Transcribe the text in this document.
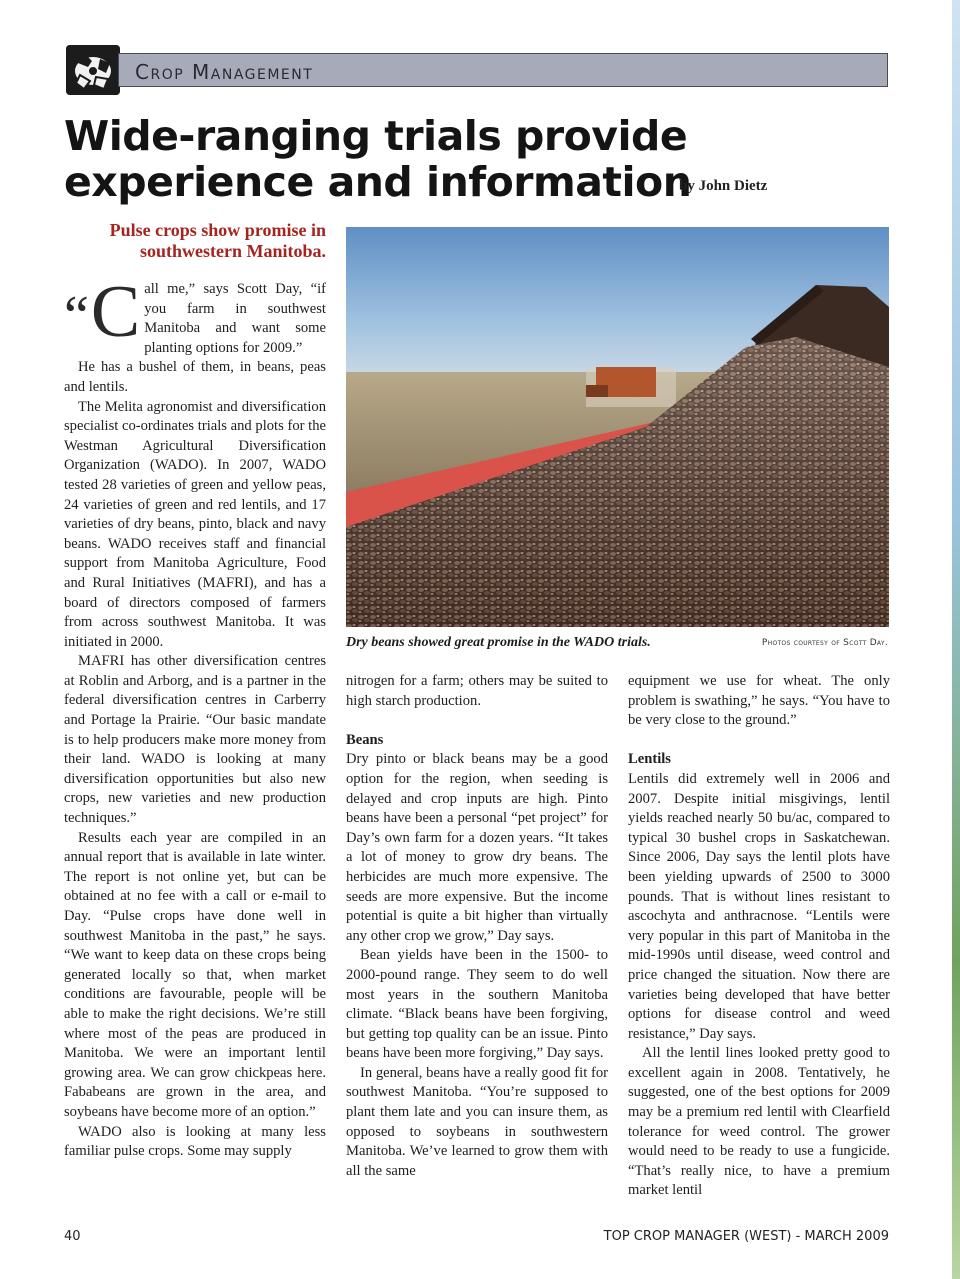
Crop Management
Wide-ranging trials provide
experience and information
by John Dietz
Pulse crops show promise in southwestern Manitoba.
Dry beans showed great promise in the WADO trials.	Photos courtesy of Scott Day.
“C all me,” says Scott Day, “if you farm in southwest Manitoba and want some planting options for 2009.”

He has a bushel of them, in beans, peas and lentils.

The Melita agronomist and diversification specialist co-ordinates trials and plots for the Westman Agricultural Diversification Organization (WADO). In 2007, WADO tested 28 varieties of green and yellow peas, 24 varieties of green and red lentils, and 17 varieties of dry beans, pinto, black and navy beans. WADO receives staff and financial support from Manitoba Agriculture, Food and Rural Initiatives (MAFRI), and has a board of directors composed of farmers from across southwest Manitoba. It was initiated in 2000.

MAFRI has other diversification centres at Roblin and Arborg, and is a partner in the federal diversification centres in Carberry and Portage la Prairie. “Our basic mandate is to help producers make more money from their land. WADO is looking at many diversification opportunities but also new crops, new varieties and new production techniques.”

Results each year are compiled in an annual report that is available in late winter. The report is not online yet, but can be obtained at no fee with a call or e-mail to Day. “Pulse crops have done well in southwest Manitoba in the past,” he says. “We want to keep data on these crops being generated locally so that, when market conditions are favourable, people will be able to make the right decisions. We’re still where most of the peas are produced in Manitoba. We were an important lentil growing area. We can grow chickpeas here. Fababeans are grown in the area, and soybeans have become more of an option.”

WADO also is looking at many less familiar pulse crops. Some may supply

nitrogen for a farm; others may be suited to high starch production.

Beans

Dry pinto or black beans may be a good option for the region, when seeding is delayed and crop inputs are high. Pinto beans have been a personal “pet project” for Day’s own farm for a dozen years. “It takes a lot of money to grow dry beans. The herbicides are much more expensive. The seeds are more expensive. But the income potential is quite a bit higher than virtually any other crop we grow,” Day says.

Bean yields have been in the 1500- to 2000-pound range. They seem to do well most years in the southern Manitoba climate. “Black beans have been forgiving, but getting top quality can be an issue. Pinto beans have been more forgiving,” Day says.

In general, beans have a really good fit for southwest Manitoba. “You’re supposed to plant them late and you can insure them, as opposed to soybeans in southwestern Manitoba. We’ve learned to grow them with all the same

equipment we use for wheat. The only problem is swathing,” he says. “You have to be very close to the ground.”

Lentils

Lentils did extremely well in 2006 and 2007. Despite initial misgivings, lentil yields reached nearly 50 bu/ac, compared to typical 30 bushel crops in Saskatchewan. Since 2006, Day says the lentil plots have been yielding upwards of 2500 to 3000 pounds. That is without lines resistant to ascochyta and anthracnose. “Lentils were very popular in this part of Manitoba in the mid-1990s until disease, weed control and price changed the situation. Now there are varieties being developed that have better options for disease control and weed resistance,” Day says.

All the lentil lines looked pretty good to excellent again in 2008. Tentatively, he suggested, one of the best options for 2009 may be a premium red lentil with Clearfield tolerance for weed control. The grower would need to be ready to use a fungicide. “That’s really nice, to have a premium market lentil

40	TOP CROP MANAGER (WEST) - MARCH 2009
